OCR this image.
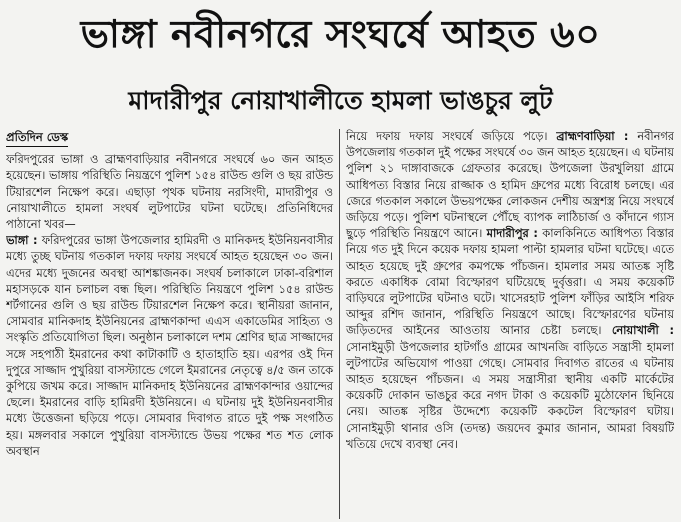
ভাঙ্গা নবীনগরে সংঘর্ষে আহত ৬০
মাদারীপুর নোয়াখালীতে হামলা ভাঙচুর লুট
প্রতিদিন ডেস্ক

ফরিদপুরের ভাঙ্গা ও ব্রাহ্মণবাড়িয়ার নবীনগরে সংঘর্ষে ৬০ জন আহত হয়েছেন। ভাঙ্গায় পরিস্থিতি নিয়ন্ত্রণে পুলিশ ১৫৪ রাউন্ড গুলি ও ছয় রাউন্ড টিয়ারশেল নিক্ষেপ করে। এছাড়া পৃথক ঘটনায় নরসিংদী, মাদারীপুর ও নোয়াখালীতে হামলা সংঘর্ষ লুটপাটের ঘটনা ঘটেছে। প্রতিনিধিদের পাঠানো খবর—

ভাঙ্গা : ফরিদপুরের ভাঙ্গা উপজেলার হামিরদী ও মানিকদহ ইউনিয়নবাসীর মধ্যে তুচ্ছ ঘটনায় গতকাল দফায় দফায় সংঘর্ষে আহত হয়েছেন ৩০ জন। এদের মধ্যে দুজনের অবস্থা আশঙ্কাজনক। সংঘর্ষ চলাকালে ঢাকা-বরিশাল মহাসড়কে যান চলাচল বন্ধ ছিল। পরিস্থিতি নিয়ন্ত্রণে পুলিশ ১৫৪ রাউন্ড শর্টগানের গুলি ও ছয় রাউন্ড টিয়ারশেল নিক্ষেপ করে। স্থানীয়রা জানান, সোমবার মানিকদাহ ইউনিয়নের ব্রাহ্মণকান্দা এএস একাডেমির সাহিত্য ও সংস্কৃতি প্রতিযোগিতা ছিল। অনুষ্ঠান চলাকালে দশম শ্রেণির ছাত্র সাজ্জাদের সঙ্গে সহপাঠী ইমরানের কথা কাটাকাটি ও হাতাহাতি হয়। এরপর ওই দিন দুপুরে সাজ্জাদ পুখুরিয়া বাসস্ট্যান্ডে গেলে ইমরানের নেতৃত্বে ৪/৫ জন তাকে কুপিয়ে জখম করে। সাজ্জাদ মানিকদাহ ইউনিয়নের ব্রাহ্মণকান্দার ওয়ান্দের ছেলে। ইমরানের বাড়ি হামিরদী ইউনিয়নে। এ ঘটনায় দুই ইউনিয়নবাসীর মধ্যে উত্তেজনা ছড়িয়ে পড়ে। সোমবার দিবাগত রাতে দুই পক্ষ সংগঠিত হয়। মঙ্গলবার সকালে পুখুরিয়া বাসস্ট্যান্ডে উভয় পক্ষের শত শত লোক অবস্থান

নিয়ে দফায় দফায় সংঘর্ষে জড়িয়ে পড়ে। ব্রাহ্মণবাড়িয়া : নবীনগর উপজেলায় গতকাল দুই পক্ষের সংঘর্ষে ৩০ জন আহত হয়েছেন। এ ঘটনায় পুলিশ ২১ দাঙ্গাবাজকে গ্রেফতার করেছে। উপজেলা উরখুলিয়া গ্রামে আধিপত্য বিস্তার নিয়ে রাজ্জাক ও হামিদ গ্রুপের মধ্যে বিরোধ চলছে। এর জেরে গতকাল সকালে উভয়পক্ষের লোকজন দেশীয় অস্ত্রশস্ত্র নিয়ে সংঘর্ষে জড়িয়ে পড়ে। পুলিশ ঘটনাস্থলে পৌঁছে ব্যাপক লাঠিচার্জ ও কাঁদানে গ্যাস ছুড়ে পরিস্থিতি নিয়ন্ত্রণে আনে। মাদারীপুর : কালকিনিতে আধিপত্য বিস্তার নিয়ে গত দুই দিনে কয়েক দফায় হামলা পাল্টা হামলার ঘটনা ঘটেছে। এতে আহত হয়েছে দুই গ্রুপের কমপক্ষে পাঁচজন। হামলার সময় আতঙ্ক সৃষ্টি করতে একাধিক বোমা বিস্ফোরণ ঘটিয়েছে দুর্বৃত্তরা। এ সময় কয়েকটি বাড়িঘরে লুটপাটের ঘটনাও ঘটে। খাসেরহাট পুলিশ ফাঁড়ির আইসি শরিফ আব্দুর রশিদ জানান, পরিস্থিতি নিয়ন্ত্রণে আছে। বিস্ফোরণের ঘটনায় জড়িতদের আইনের আওতায় আনার চেষ্টা চলছে। নোয়াখালী : সোনাইমুড়ী উপজেলার হাটগাঁও গ্রামের আখনজি বাড়িতে সন্ত্রাসী হামলা লুটপাটের অভিযোগ পাওয়া গেছে। সোমবার দিবাগত রাতের এ ঘটনায় আহত হয়েছেন পাঁচজন। এ সময় সন্ত্রাসীরা স্থানীয় একটি মার্কেটের কয়েকটি দোকান ভাঙচুর করে নগদ টাকা ও কয়েকটি মুঠোফোন ছিনিয়ে নেয়। আতঙ্ক সৃষ্টির উদ্দেশ্যে কয়েকটি ককটেল বিস্ফোরণ ঘটায়। সোনাইমুড়ী থানার ওসি (তদন্ত) জয়দেব কুমার জানান, আমরা বিষয়টি খতিয়ে দেখে ব্যবস্থা নেব।
